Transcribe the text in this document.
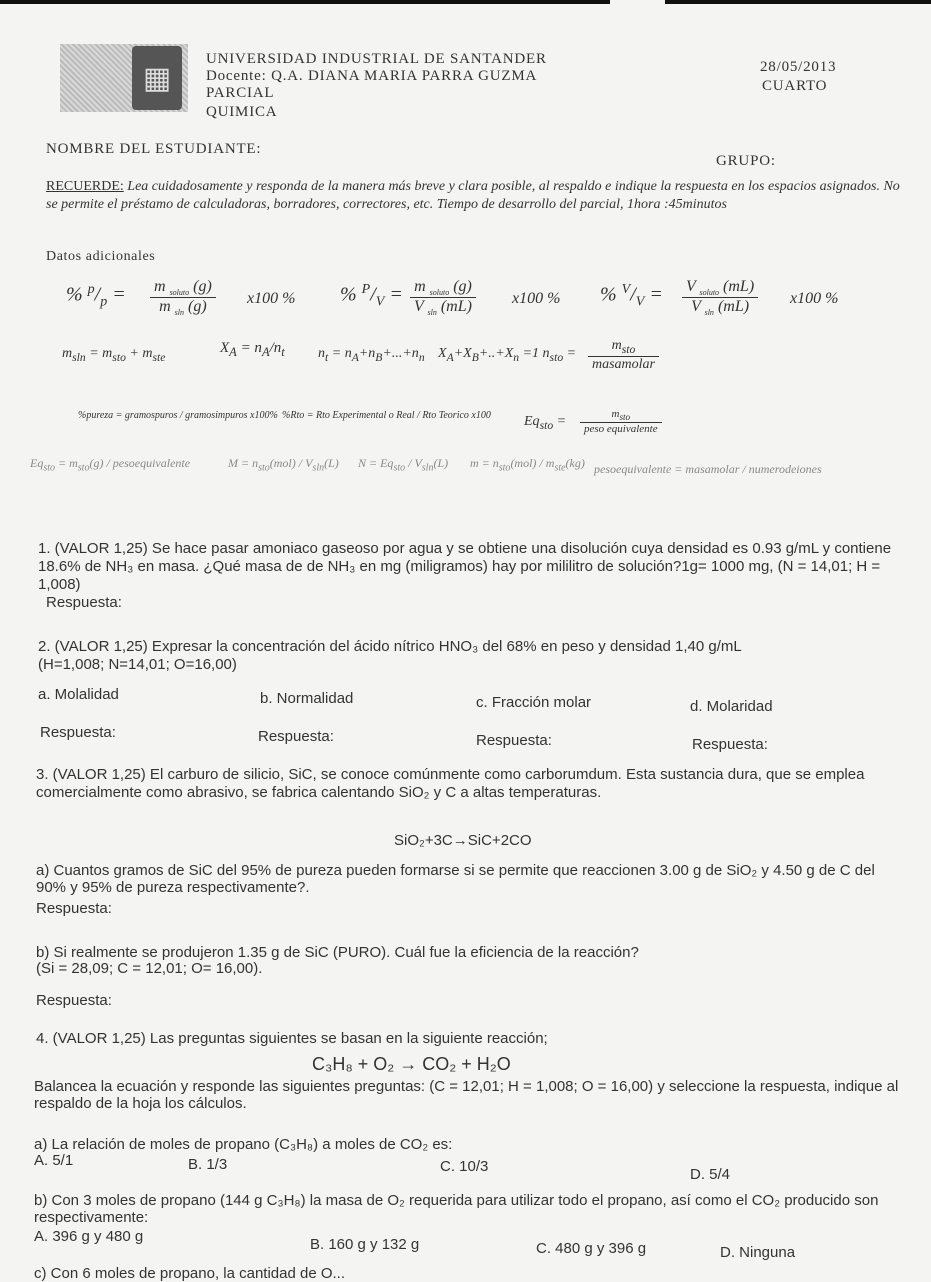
▦
UNIVERSIDAD INDUSTRIAL DE SANTANDER
Docente: Q.A. DIANA MARIA PARRA GUZMA
PARCIAL
QUIMICA
28/05/2013
CUARTO
NOMBRE DEL ESTUDIANTE:
GRUPO:
RECUERDE: Lea cuidadosamente y responda de la manera más breve y clara posible, al respaldo e indique la respuesta en los espacios asignados. No se permite el préstamo de calculadoras, borradores, correctores, etc. Tiempo de desarrollo del parcial, 1hora :45minutos
Datos adicionales
% $^p/_p = m$ $_{soluto}$ (g)
m $_{sln}$ (g)	x100 % % $^P/_V = m$ $_{soluto}$ (g)
V $_{sln}$ (mL)	x100 % % $^V/_V = V$ $_{soluto}$ (mL)
V $_{sln}$ (mL)	x100 %
$m_{sln} = m_{sto} + m_{ste}$
$X_A = n_A/n_t$ $n_t = n_A+n_B+...+n_n$ $X_A+X_B+..+X_n =1$ $n_{sto}$ =
$m_{sto}$
masamolar
%pureza = gramospuros / gramosimpuros x100% %Rto = Rto Experimental o Real / Rto Teorico x100 $Eq_{sto}$ =	$m_{sto}$
peso equivalente
$Eq_{sto} = m_{sto}(g)$ / pesoequivalente	$M = n_{sto}(mol) / V_{sln}(L) N = Eq_{sto} / V_{sln}(L) m = n_{sto}(mol) / m_{ste}(kg)$ pesoequivalente = masamolar / numerodeiones
1. (VALOR 1,25) Se hace pasar amoniaco gaseoso por agua y se obtiene una disolución cuya densidad es 0.93 g/mL y contiene 18.6% de NH₃ en masa. ¿Qué masa de de NH₃ en mg (miligramos) hay por mililitro de solución?1g= 1000 mg, (N = 14,01; H = 1,008)
Respuesta:
2. (VALOR 1,25) Expresar la concentración del ácido nítrico HNO₃ del 68% en peso y densidad 1,40 g/mL
(H=1,008; N=14,01; O=16,00)
a. Molalidad	b. Normalidad	c. Fracción molar	d. Molaridad
Respuesta:	Respuesta:	Respuesta:	Respuesta:
3. (VALOR 1,25) El carburo de silicio, SiC, se conoce comúnmente como carborumdum. Esta sustancia dura, que se emplea comercialmente como abrasivo, se fabrica calentando SiO₂ y C a altas temperaturas.
SiO₂+3C→SiC+2CO
a) Cuantos gramos de SiC del 95% de pureza pueden formarse si se permite que reaccionen 3.00 g de SiO₂ y 4.50 g de C del 90% y 95% de pureza respectivamente?.
Respuesta:
b) Si realmente se produjeron 1.35 g de SiC (PURO). Cuál fue la eficiencia de la reacción?
(Si = 28,09; C = 12,01; O= 16,00).
Respuesta:
4. (VALOR 1,25) Las preguntas siguientes se basan en la siguiente reacción;
C₃H₈ + O₂ → CO₂ + H₂O
Balancea la ecuación y responde las siguientes preguntas: (C = 12,01; H = 1,008; O = 16,00) y seleccione la respuesta, indique al respaldo de la hoja los cálculos.
a) La relación de moles de propano (C₃H₈) a moles de CO₂ es:
A. 5/1	B. 1/3	C. 10/3	D. 5/4
b) Con 3 moles de propano (144 g C₃H₈) la masa de O₂ requerida para utilizar todo el propano, así como el CO₂ producido son respectivamente:
A. 396 g y 480 g	B. 160 g y 132 g	C. 480 g y 396 g	D. Ninguna
c) Con 6 moles de propano, la cantidad de O...
